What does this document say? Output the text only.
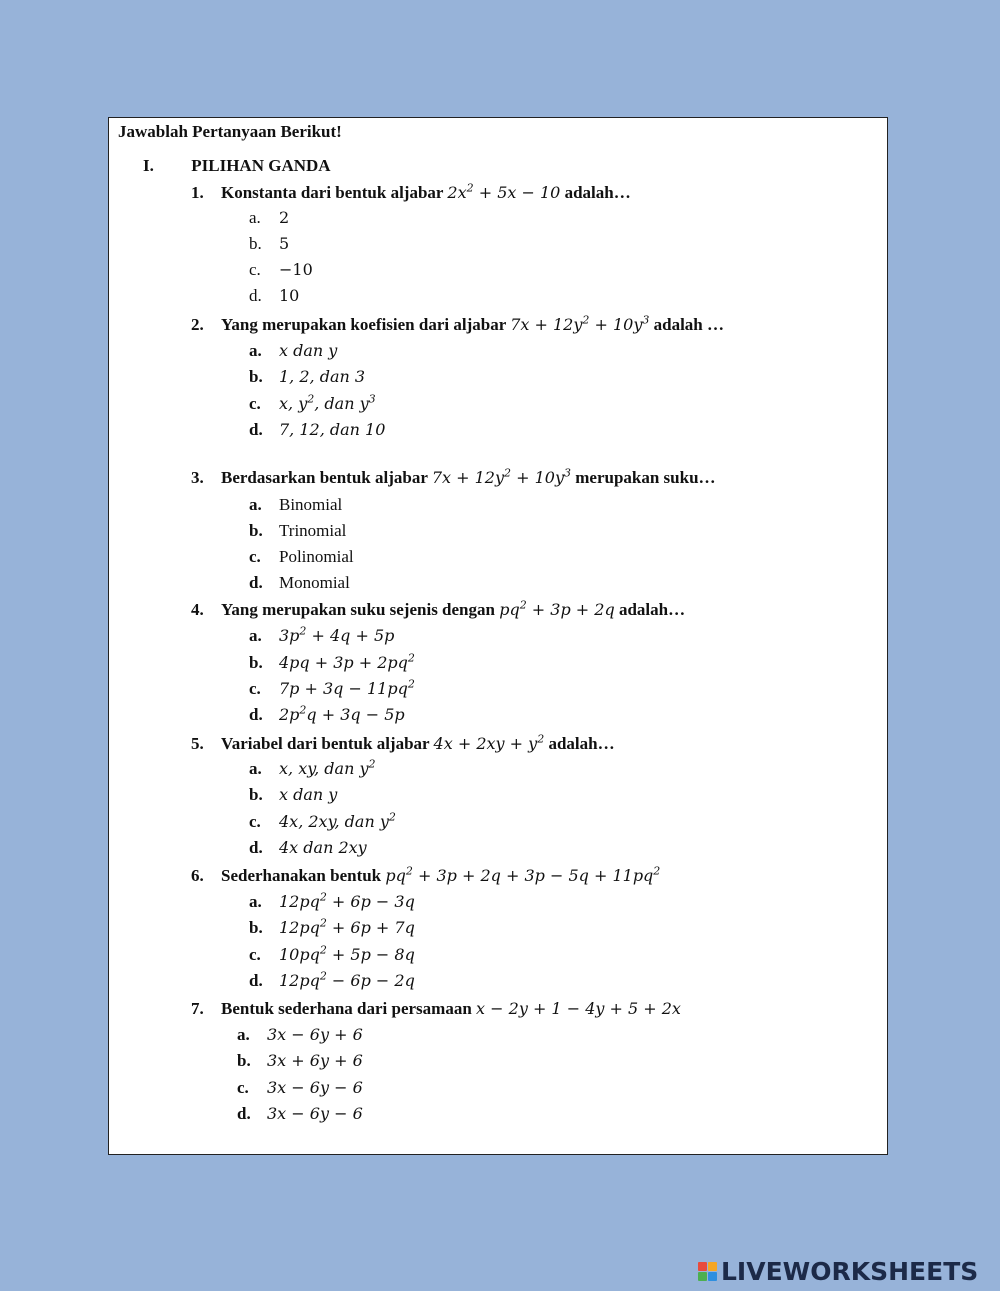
Jawablah Pertanyaan Berikut!
I. PILIHAN GANDA
1. Konstanta dari bentuk aljabar $2x^2 + 5x - 10$ adalah…
a. 2
b. 5
c. −10
d. 10
2. Yang merupakan koefisien dari aljabar $7x + 12y^2 + 10y^3$ adalah …
a. x dan y
b. 1, 2, dan 3
c. x, $y^2$, dan $y^3$
d. 7, 12, dan 10
3. Berdasarkan bentuk aljabar $7x + 12y^2 + 10y^3$ merupakan suku…
a. Binomial
b. Trinomial
c. Polinomial
d. Monomial
4. Yang merupakan suku sejenis dengan $pq^2 + 3p + 2q$ adalah…
a. $3p^2 + 4q + 5p$
b. $4pq + 3p + 2pq^2$
c. $7p + 3q - 11pq^2$
d. $2p^2q + 3q - 5p$
5. Variabel dari bentuk aljabar $4x + 2xy + y^2$ adalah…
a. x, xy, dan $y^2$
b. x dan y
c. 4x, 2xy, dan $y^2$
d. 4x dan 2xy
6. Sederhanakan bentuk $pq^2 + 3p + 2q + 3p - 5q + 11pq^2$
a. $12pq^2 + 6p - 3q$
b. $12pq^2 + 6p + 7q$
c. $10pq^2 + 5p - 8q$
d. $12pq^2 - 6p - 2q$
7. Bentuk sederhana dari persamaan x − 2y + 1 − 4y + 5 + 2x
a. 3x − 6y + 6
b. 3x + 6y + 6
c. 3x − 6y − 6
d. 3x − 6y − 6
LIVEWORKSHEETS
